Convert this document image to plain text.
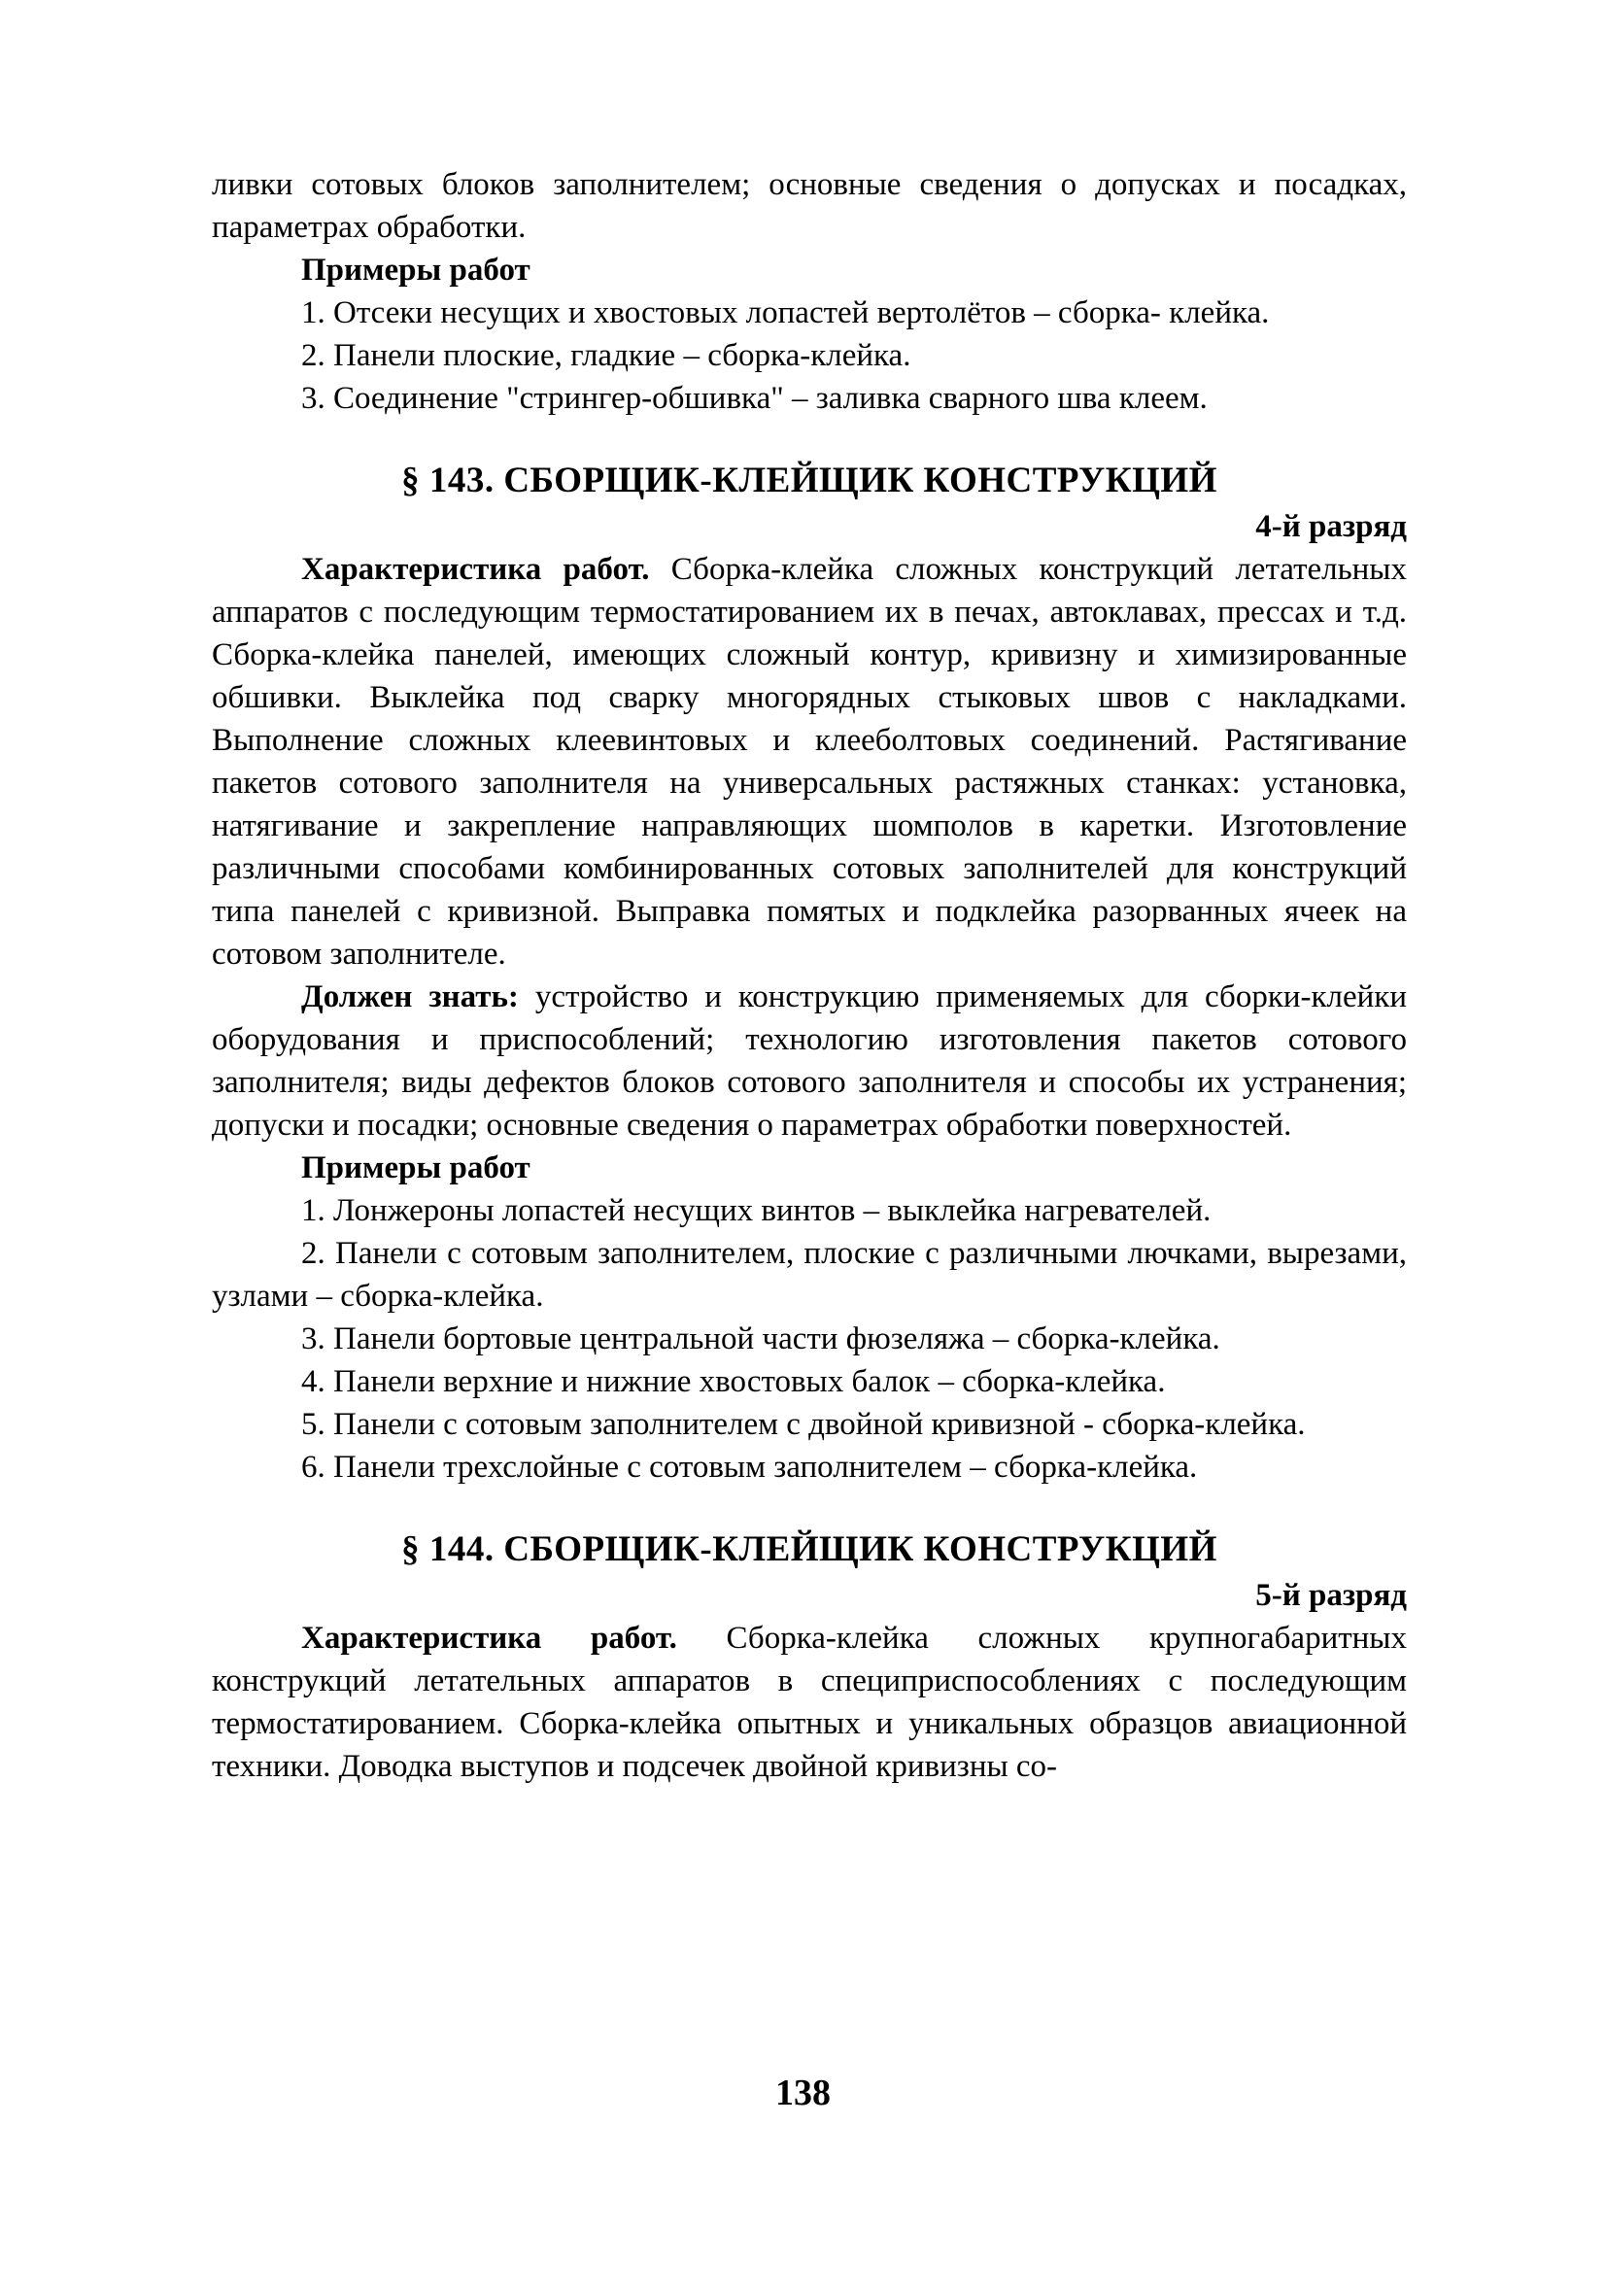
ливки сотовых блоков заполнителем; основные сведения о допусках и посадках, параметрах обработки.

Примеры работ

1. Отсеки несущих и хвостовых лопастей вертолётов – сборка- клейка.

2. Панели плоские, гладкие – сборка-клейка.

3. Соединение "стрингер-обшивка" – заливка сварного шва клеем.

§ 143. СБОРЩИК-КЛЕЙЩИК КОНСТРУКЦИЙ
4-й разряд

Характеристика работ. Сборка-клейка сложных конструкций летательных аппаратов с последующим термостатированием их в печах, автоклавах, прессах и т.д. Сборка-клейка панелей, имеющих сложный контур, кривизну и химизированные обшивки. Выклейка под сварку многорядных стыковых швов с накладками. Выполнение сложных клеевинтовых и клееболтовых соединений. Растягивание пакетов сотового заполнителя на универсальных растяжных станках: установка, натягивание и закрепление направляющих шомполов в каретки. Изготовление различными способами комбинированных сотовых заполнителей для конструкций типа панелей с кривизной. Выправка помятых и подклейка разорванных ячеек на сотовом заполнителе.

Должен знать: устройство и конструкцию применяемых для сборки-клейки оборудования и приспособлений; технологию изготовления пакетов сотового заполнителя; виды дефектов блоков сотового заполнителя и способы их устранения; допуски и посадки; основные сведения о параметрах обработки поверхностей.

Примеры работ

1. Лонжероны лопастей несущих винтов – выклейка нагревателей.

2. Панели с сотовым заполнителем, плоские с различными лючками, вырезами, узлами – сборка-клейка.

3. Панели бортовые центральной части фюзеляжа – сборка-клейка.

4. Панели верхние и нижние хвостовых балок – сборка-клейка.

5. Панели с сотовым заполнителем с двойной кривизной - сборка-клейка.

6. Панели трехслойные с сотовым заполнителем – сборка-клейка.

§ 144. СБОРЩИК-КЛЕЙЩИК КОНСТРУКЦИЙ
5-й разряд

Характеристика работ. Сборка-клейка сложных крупногабаритных конструкций летательных аппаратов в специприспособлениях с последующим термостатированием. Сборка-клейка опытных и уникальных образцов авиационной техники. Доводка выступов и подсечек двойной кривизны со-

138
